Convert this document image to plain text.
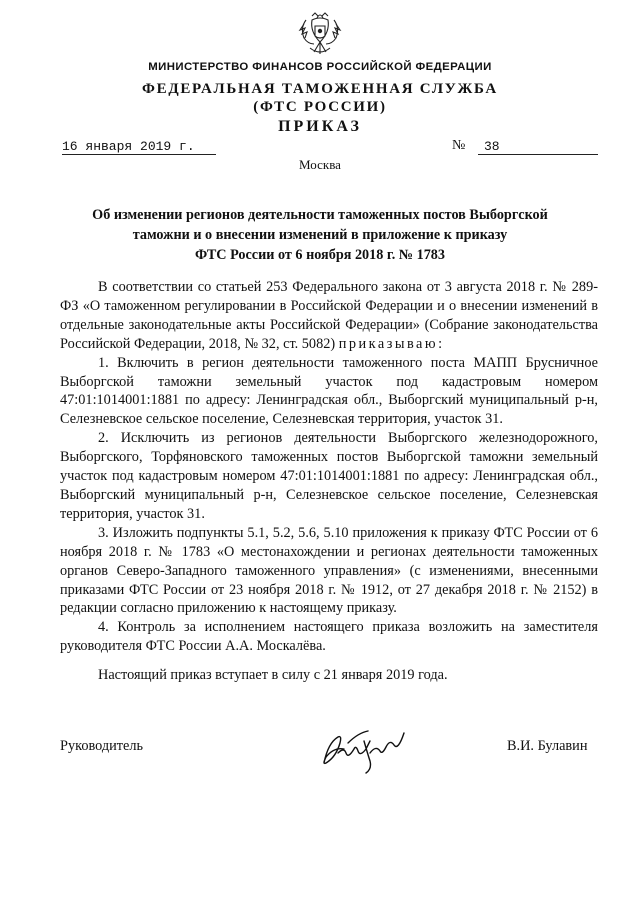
МИНИСТЕРСТВО ФИНАНСОВ РОССИЙСКОЙ ФЕДЕРАЦИИ
ФЕДЕРАЛЬНАЯ ТАМОЖЕННАЯ СЛУЖБА
(ФТС РОССИИ)
ПРИКАЗ
16 января 2019 г.	№	38
Москва
Об изменении регионов деятельности таможенных постов Выборгской
таможни и о внесении изменений в приложение к приказу
ФТС России от 6 ноября 2018 г. № 1783

В соответствии со статьей 253 Федерального закона от 3 августа 2018 г. № 289-ФЗ «О таможенном регулировании в Российской Федерации и о внесении изменений в отдельные законодательные акты Российской Федерации» (Собрание законодательства Российской Федерации, 2018, № 32, ст. 5082) приказываю:

1. Включить в регион деятельности таможенного поста МАПП Брусничное Выборгской таможни земельный участок под кадастровым номером 47:01:1014001:1881 по адресу: Ленинградская обл., Выборгский муниципальный р-н, Селезневское сельское поселение, Селезневская территория, участок 31.

2. Исключить из регионов деятельности Выборгского железнодорожного, Выборгского, Торфяновского таможенных постов Выборгской таможни земельный участок под кадастровым номером 47:01:1014001:1881 по адресу: Ленинградская обл., Выборгский муниципальный р-н, Селезневское сельское поселение, Селезневская территория, участок 31.

3. Изложить подпункты 5.1, 5.2, 5.6, 5.10 приложения к приказу ФТС России от 6 ноября 2018 г. № 1783 «О местонахождении и регионах деятельности таможенных органов Северо-Западного таможенного управления» (с изменениями, внесенными приказами ФТС России от 23 ноября 2018 г. № 1912, от 27 декабря 2018 г. № 2152) в редакции согласно приложению к настоящему приказу.

4. Контроль за исполнением настоящего приказа возложить на заместителя руководителя ФТС России А.А. Москалёва.

Настоящий приказ вступает в силу с 21 января 2019 года.
Руководитель	В.И. Булавин
